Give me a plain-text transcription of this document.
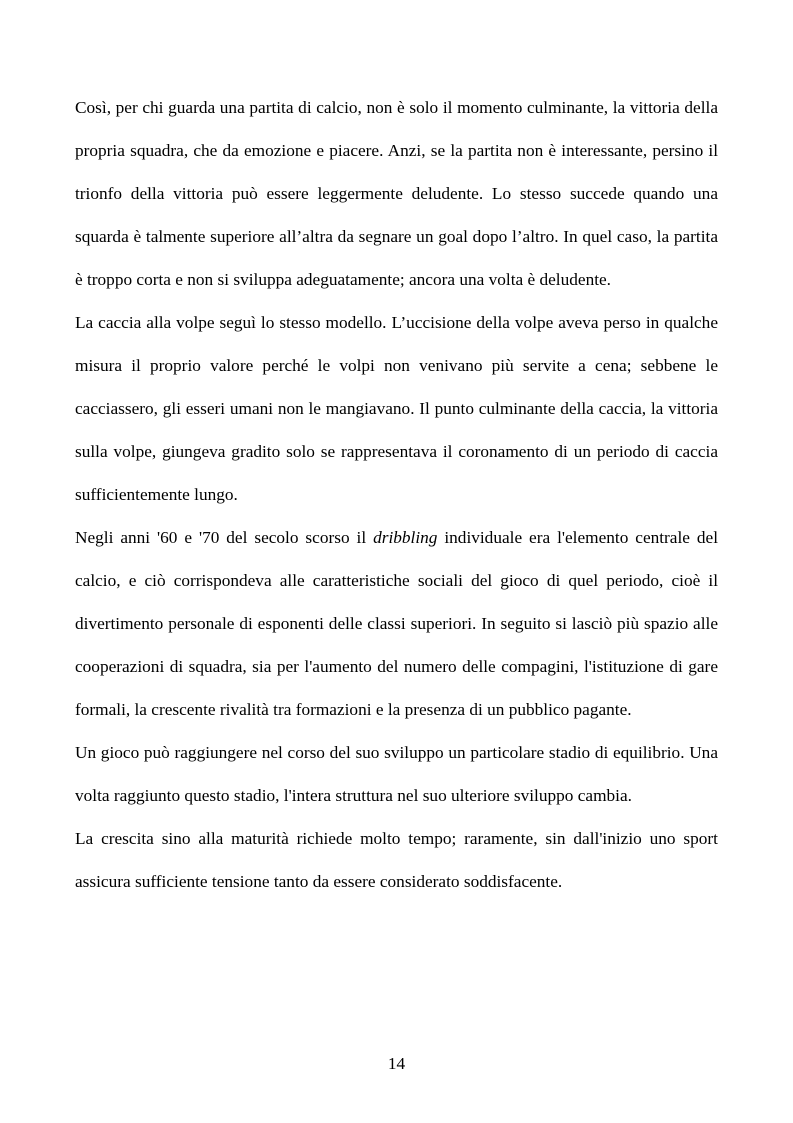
Così, per chi guarda una partita di calcio, non è solo il momento culminante, la vittoria della propria squadra, che da emozione e piacere. Anzi, se la partita non è interessante, persino il trionfo della vittoria può essere leggermente deludente. Lo stesso succede quando una squarda è talmente superiore all’altra da segnare un goal dopo l’altro. In quel caso, la partita è troppo corta e non si sviluppa adeguatamente; ancora una volta è deludente.

La caccia alla volpe seguì lo stesso modello. L’uccisione della volpe aveva perso in qualche misura il proprio valore perché le volpi non venivano più servite a cena; sebbene le cacciassero, gli esseri umani non le mangiavano. Il punto culminante della caccia, la vittoria sulla volpe, giungeva gradito solo se rappresentava il coronamento di un periodo di caccia sufficientemente lungo.

Negli anni '60 e '70 del secolo scorso il dribbling individuale era l'elemento centrale del calcio, e ciò corrispondeva alle caratteristiche sociali del gioco di quel periodo, cioè il divertimento personale di esponenti delle classi superiori. In seguito si lasciò più spazio alle cooperazioni di squadra, sia per l'aumento del numero delle compagini, l'istituzione di gare formali, la crescente rivalità tra formazioni e la presenza di un pubblico pagante.

Un gioco può raggiungere nel corso del suo sviluppo un particolare stadio di equilibrio. Una volta raggiunto questo stadio, l'intera struttura nel suo ulteriore sviluppo cambia.

La crescita sino alla maturità richiede molto tempo; raramente, sin dall'inizio uno sport assicura sufficiente tensione tanto da essere considerato soddisfacente.

14
